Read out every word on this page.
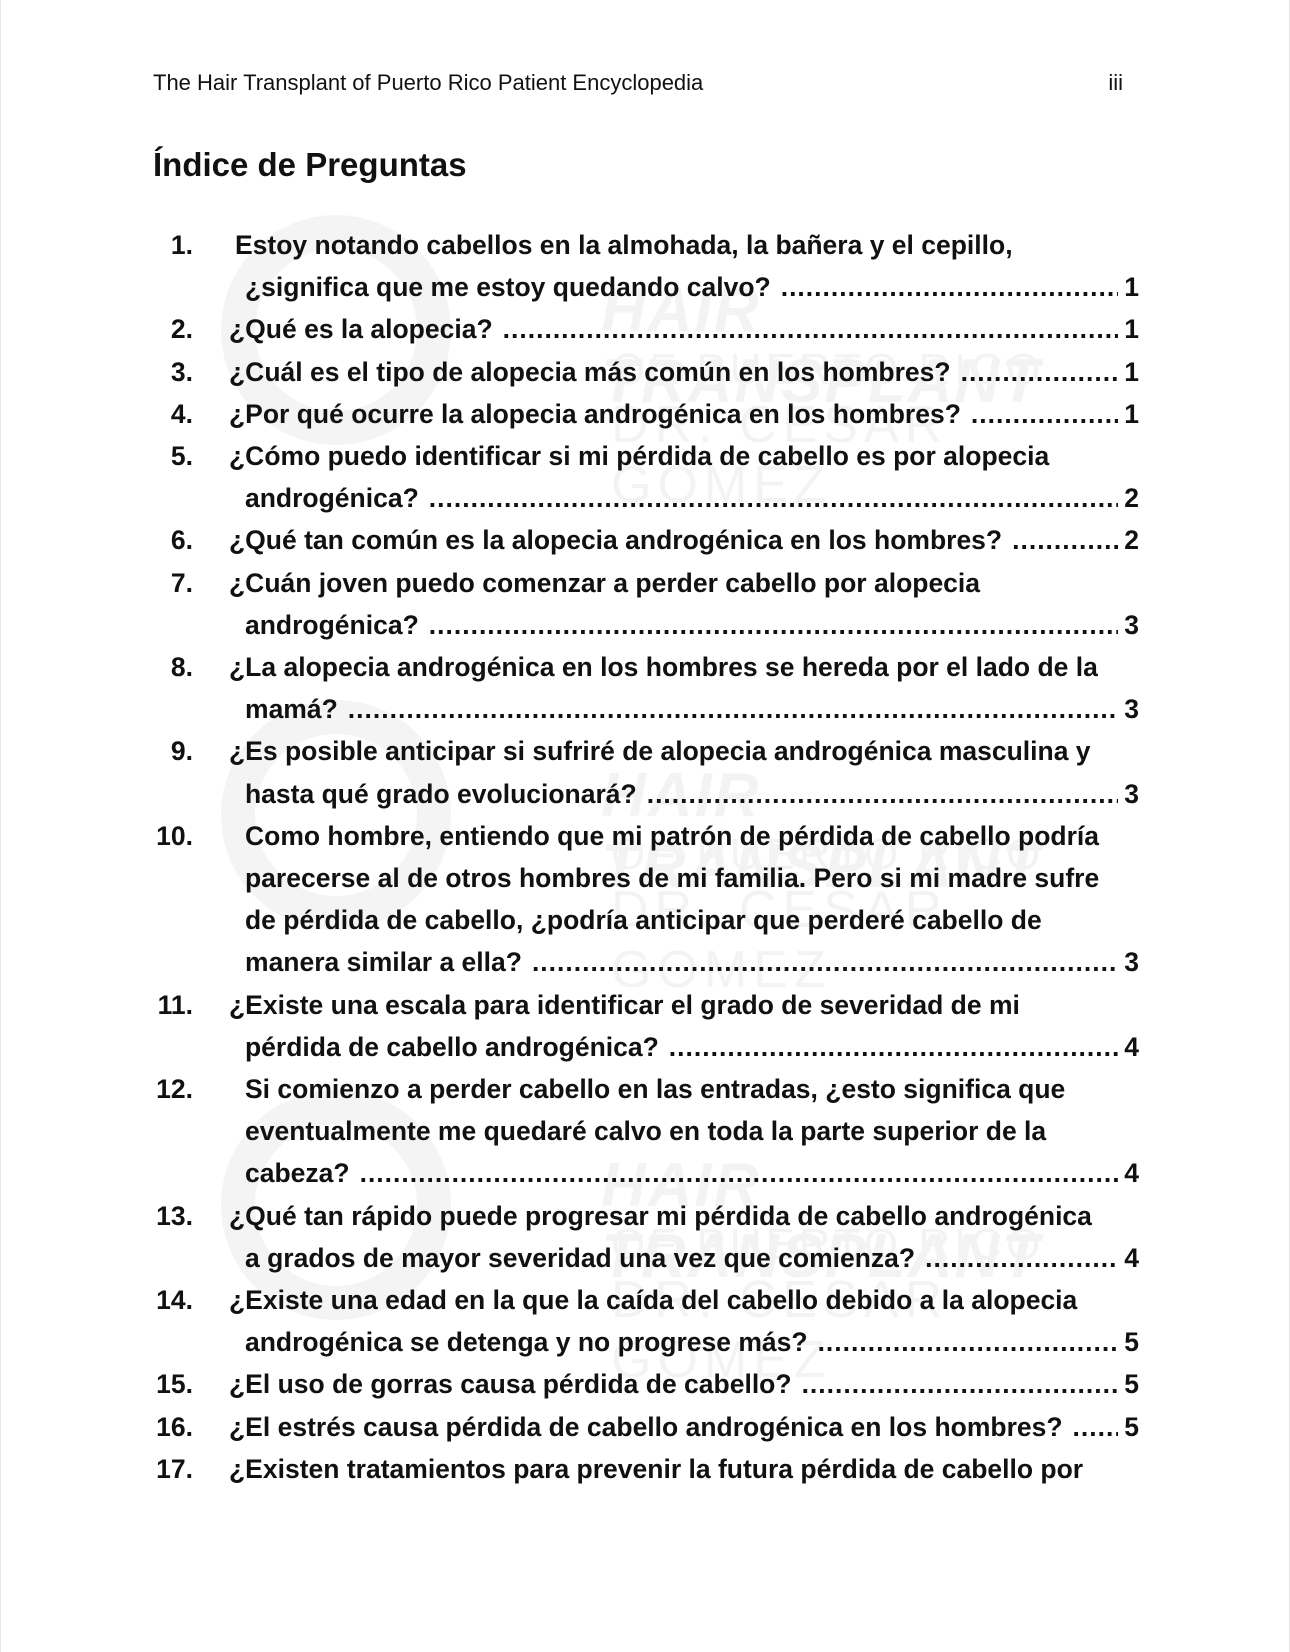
The Hair Transplant of Puerto Rico Patient Encyclopedia	iii
Índice de Preguntas
1. Estoy notando cabellos en la almohada, la bañera y el cepillo,
¿significa que me estoy quedando calvo? .....	1
2. ¿Qué es la alopecia? .....	1
3. ¿Cuál es el tipo de alopecia más común en los hombres? .....	1
4. ¿Por qué ocurre la alopecia androgénica en los hombres? .....	1
5. ¿Cómo puedo identificar si mi pérdida de cabello es por alopecia
androgénica? .....	2
6. ¿Qué tan común es la alopecia androgénica en los hombres? .....	2
7. ¿Cuán joven puedo comenzar a perder cabello por alopecia
androgénica? .....	3
8. ¿La alopecia androgénica en los hombres se hereda por el lado de la
mamá? .....	3
9. ¿Es posible anticipar si sufriré de alopecia androgénica masculina y
hasta qué grado evolucionará? .....	3
10.	Como hombre, entiendo que mi patrón de pérdida de cabello podría
parecerse al de otros hombres de mi familia. Pero si mi madre sufre
de pérdida de cabello, ¿podría anticipar que perderé cabello de
manera similar a ella? .....	3
11. ¿Existe una escala para identificar el grado de severidad de mi
pérdida de cabello androgénica? .....	4
12.	Si comienzo a perder cabello en las entradas, ¿esto significa que
eventualmente me quedaré calvo en toda la parte superior de la
cabeza? .....	4
13. ¿Qué tan rápido puede progresar mi pérdida de cabello androgénica
a grados de mayor severidad una vez que comienza? .....	4
14. ¿Existe una edad en la que la caída del cabello debido a la alopecia
androgénica se detenga y no progrese más? .....	5
15. ¿El uso de gorras causa pérdida de cabello? .....	5
16. ¿El estrés causa pérdida de cabello androgénica en los hombres? ..... 5
17. ¿Existen tratamientos para prevenir la futura pérdida de cabello por
